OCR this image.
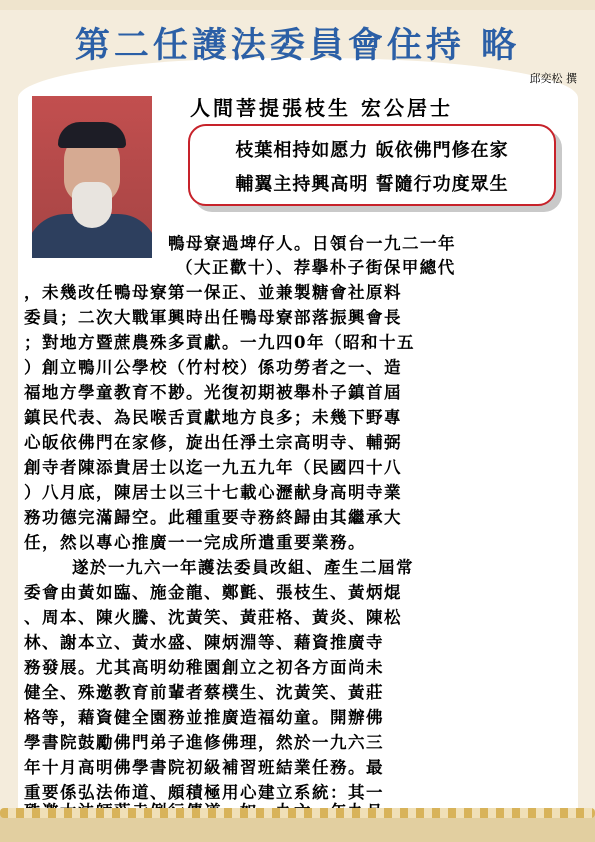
第二任護法委員會住持 略
邱奕松 撰
人間菩提張枝生 宏公居士
枝葉相持如愿力 皈依佛門修在家
輔翼主持興高明 誓隨行功度眾生
鴨母寮過埤仔人。日領台一九二一年
（大正歡十）、荐擧朴子街保甲總代
，未幾改任鴨母寮第一保正、並兼製糖會社原料
委員；二次大戰軍興時出任鴨母寮部落振興會長
；對地方暨蔗農殊多貢獻。一九四0年（昭和十五
）創立鴨川公學校（竹村校）係功勞者之一、造
福地方學童教育不尠。光復初期被舉朴子鎮首屆
鎮民代表、為民喉舌貢獻地方良多；未幾下野專
心皈依佛門在家修，旋出任淨土宗高明寺、輔弼
創寺者陳添貴居士以迄一九五九年（民國四十八
）八月底，陳居士以三十七載心瀝献身高明寺業
務功德完滿歸空。此種重要寺務終歸由其繼承大
任，然以專心推廣一一完成所遣重要業務。
遂於一九六一年護法委員改組、產生二屆常
委會由黃如臨、施金龍、鄭氈、張枝生、黃炳焜
、周本、陳火騰、沈黃笑、黃莊格、黃炎、陳松
林、謝本立、黃水盛、陳炳淵等、藉資推廣寺
務發展。尤其高明幼稚園創立之初各方面尚未
健全、殊邀教育前輩者蔡樸生、沈黃笑、黃莊
格等，藉資健全園務並推廣造福幼童。開辦佛
學書院鼓勵佛門弟子進修佛理，然於一九六三
年十月高明佛學書院初級補習班結業任務。最
重要係弘法佈道、頗積極用心建立系統：其一
